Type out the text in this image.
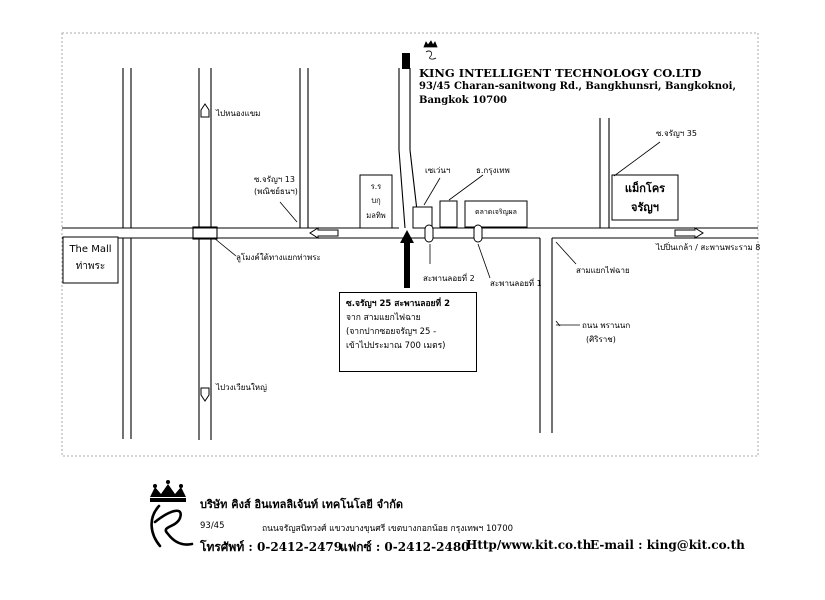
KING INTELLIGENT TECHNOLOGY CO.LTD
93/45 Charan-sanitwong Rd., Bangkhunsri, Bangkoknoi,
Bangkok 10700
The Mall
ท่าพระ
แม็กโคร
จรัญฯ
ร.ร
บกุ
มลทิพ	ตลาดเจริญผล
ไปหนองแขม
ซ.จรัญฯ 13
(พณิชย์ธนฯ)
เซเว่นฯ	ธ.กรุงเทพ
ซ.จรัญฯ 35
ลูโมงค์ใต้ทางแยกท่าพระ
สะพานลอยที่ 2
สะพานลอยที่ 1
ไปปิ่นเกล้า / สะพานพระราม 8
สามแยกไฟฉาย
ถนน พรานนก
(ศิริราช)
ไปวงเวียนใหญ่
ซ.จรัญฯ 25 สะพานลอยที่ 2
จาก สามแยกไฟฉาย
(จากปากซอยจรัญฯ 25 -
เข้าไปประมาณ 700 เมตร)
บริษัท คิงส์ อินเทลลิเจ้นท์ เทคโนโลยี จำกัด
93/45	ถนนจรัญสนิทวงศ์ แขวงบางขุนศรี เขตบางกอกน้อย กรุงเทพฯ 10700
โทรศัพท์ : 0-2412-2479
แฟกซ์ : 0-2412-2480
Http/www.kit.co.th
E-mail : king@kit.co.th
